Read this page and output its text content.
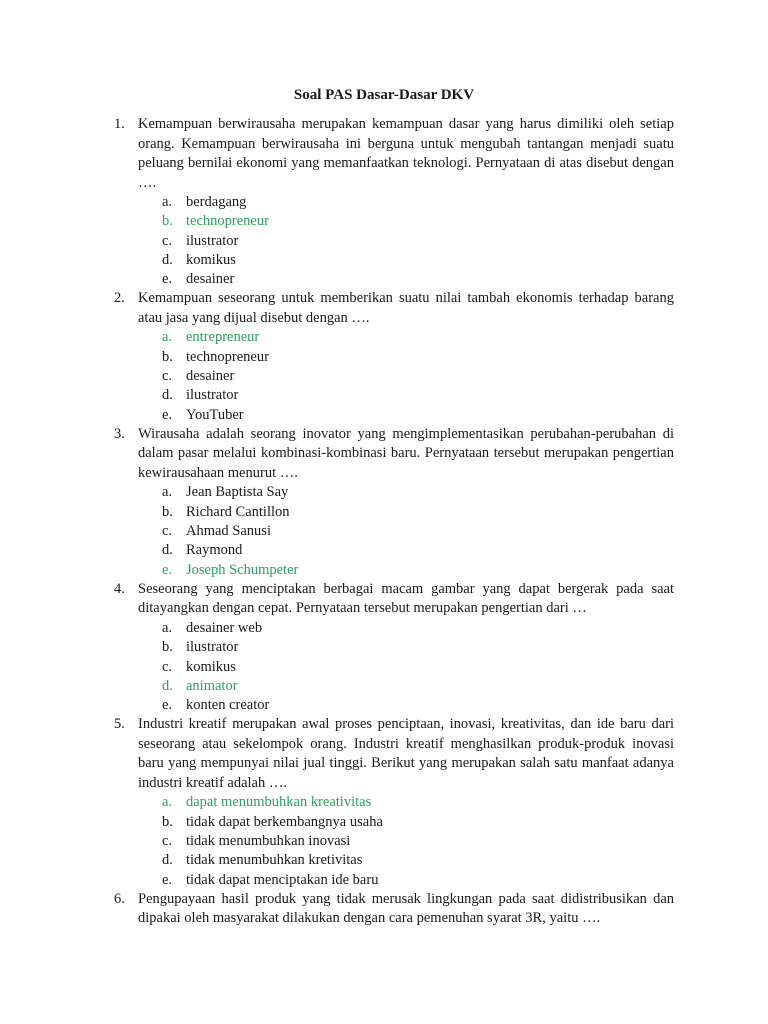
Soal PAS Dasar-Dasar DKV
1. Kemampuan berwirausaha merupakan kemampuan dasar yang harus dimiliki oleh setiap orang. Kemampuan berwirausaha ini berguna untuk mengubah tantangan menjadi suatu peluang bernilai ekonomi yang memanfaatkan teknologi. Pernyataan di atas disebut dengan ….
a. berdagang
b. technopreneur
c. ilustrator
d. komikus
e. desainer
2. Kemampuan seseorang untuk memberikan suatu nilai tambah ekonomis terhadap barang atau jasa yang dijual disebut dengan ….
a. entrepreneur
b. technopreneur
c. desainer
d. ilustrator
e. YouTuber
3. Wirausaha adalah seorang inovator yang mengimplementasikan perubahan-perubahan di dalam pasar melalui kombinasi-kombinasi baru. Pernyataan tersebut merupakan pengertian kewirausahaan menurut ….
a. Jean Baptista Say
b. Richard Cantillon
c. Ahmad Sanusi
d. Raymond
e. Joseph Schumpeter
4. Seseorang yang menciptakan berbagai macam gambar yang dapat bergerak pada saat ditayangkan dengan cepat. Pernyataan tersebut merupakan pengertian dari …
a. desainer web
b. ilustrator
c. komikus
d. animator
e. konten creator
5. Industri kreatif merupakan awal proses penciptaan, inovasi, kreativitas, dan ide baru dari seseorang atau sekelompok orang. Industri kreatif menghasilkan produk-produk inovasi baru yang mempunyai nilai jual tinggi. Berikut yang merupakan salah satu manfaat adanya industri kreatif adalah ….
a. dapat menumbuhkan kreativitas
b. tidak dapat berkembangnya usaha
c. tidak menumbuhkan inovasi
d. tidak menumbuhkan kretivitas
e. tidak dapat menciptakan ide baru
6. Pengupayaan hasil produk yang tidak merusak lingkungan pada saat didistribusikan dan dipakai oleh masyarakat dilakukan dengan cara pemenuhan syarat 3R, yaitu ….
